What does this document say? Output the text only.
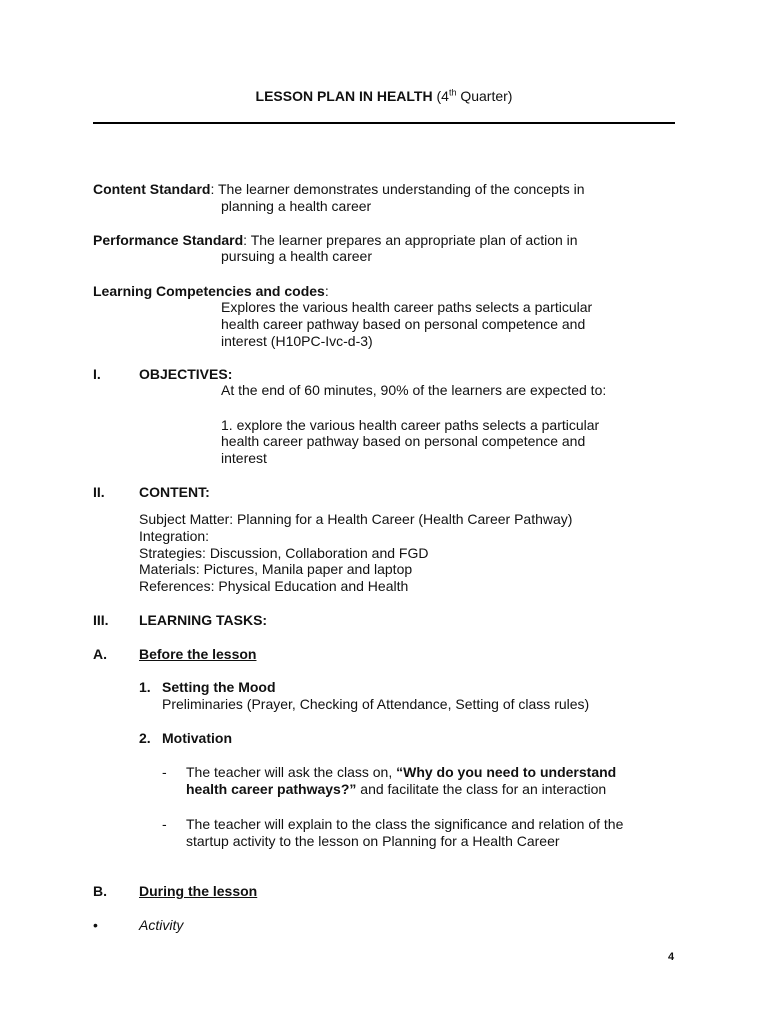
LESSON PLAN IN HEALTH (4th Quarter)

Content Standard: The learner demonstrates understanding of the concepts in

planning a health career

Performance Standard: The learner prepares an appropriate plan of action in

pursuing a health career

Learning Competencies and codes:

Explores the various health career paths selects a particular

health career pathway based on personal competence and

interest (H10PC-Ivc-d-3)

I.	OBJECTIVES:

At the end of 60 minutes, 90% of the learners are expected to:

1. explore the various health career paths selects a particular

health career pathway based on personal competence and

interest

II. CONTENT:

Subject Matter: Planning for a Health Career (Health Career Pathway)

Integration:

Strategies: Discussion, Collaboration and FGD

Materials: Pictures, Manila paper and laptop

References: Physical Education and Health

III. LEARNING TASKS:

A. Before the lesson

1. Setting the Mood

Preliminaries (Prayer, Checking of Attendance, Setting of class rules)

2. Motivation

- The teacher will ask the class on, “Why do you need to understand

health career pathways?” and facilitate the class for an interaction

- The teacher will explain to the class the significance and relation of the

startup activity to the lesson on Planning for a Health Career

B. During the lesson

•	Activity

4
